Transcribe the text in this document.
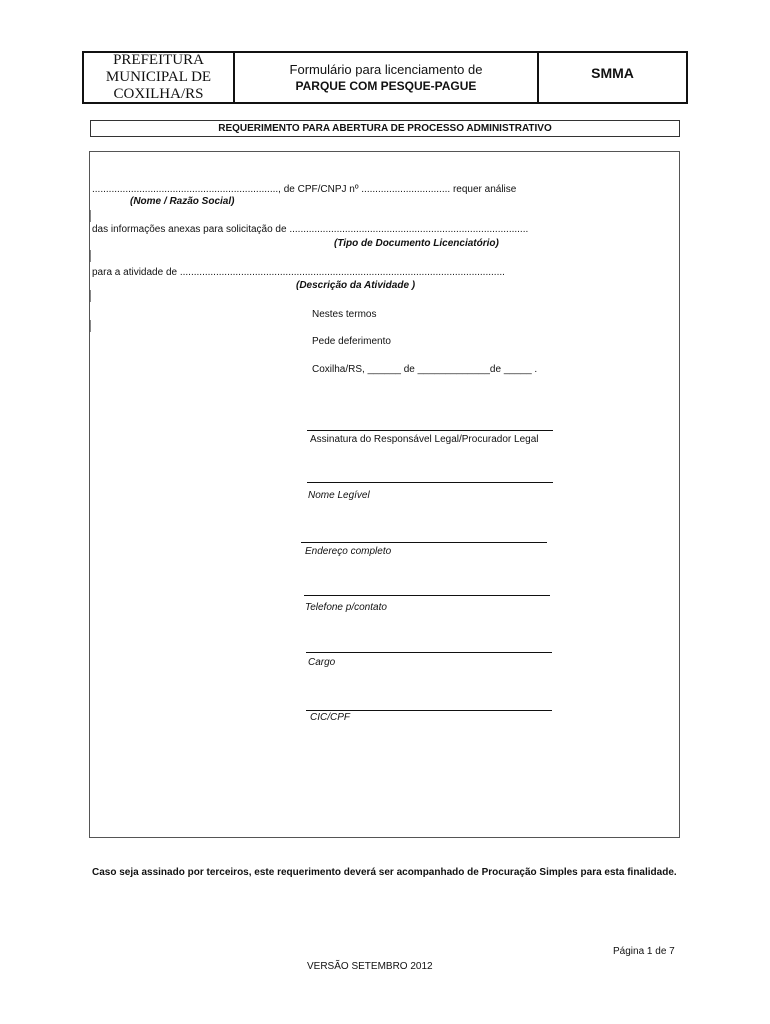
PREFEITURA
MUNICIPAL DE
COXILHA/RS
Formulário para licenciamento de
PARQUE COM PESQUE-PAGUE
SMMA
REQUERIMENTO PARA ABERTURA DE PROCESSO ADMINISTRATIVO
..................................................................., de CPF/CNPJ nº ................................ requer análise
(Nome / Razão Social)
das informações anexas para solicitação de ......................................................................................
(Tipo de Documento Licenciatório)
para a atividade de .....................................................................................................................
(Descrição da Atividade )
Nestes termos
Pede deferimento
Coxilha/RS, ______ de _____________de _____ .
Assinatura do Responsável Legal/Procurador Legal
Nome Legível
Endereço completo
Telefone p/contato
Cargo
CIC/CPF
Caso seja assinado por terceiros, este requerimento deverá ser acompanhado de Procuração Simples para esta finalidade.
Página 1 de 7
VERSÃO SETEMBRO 2012
